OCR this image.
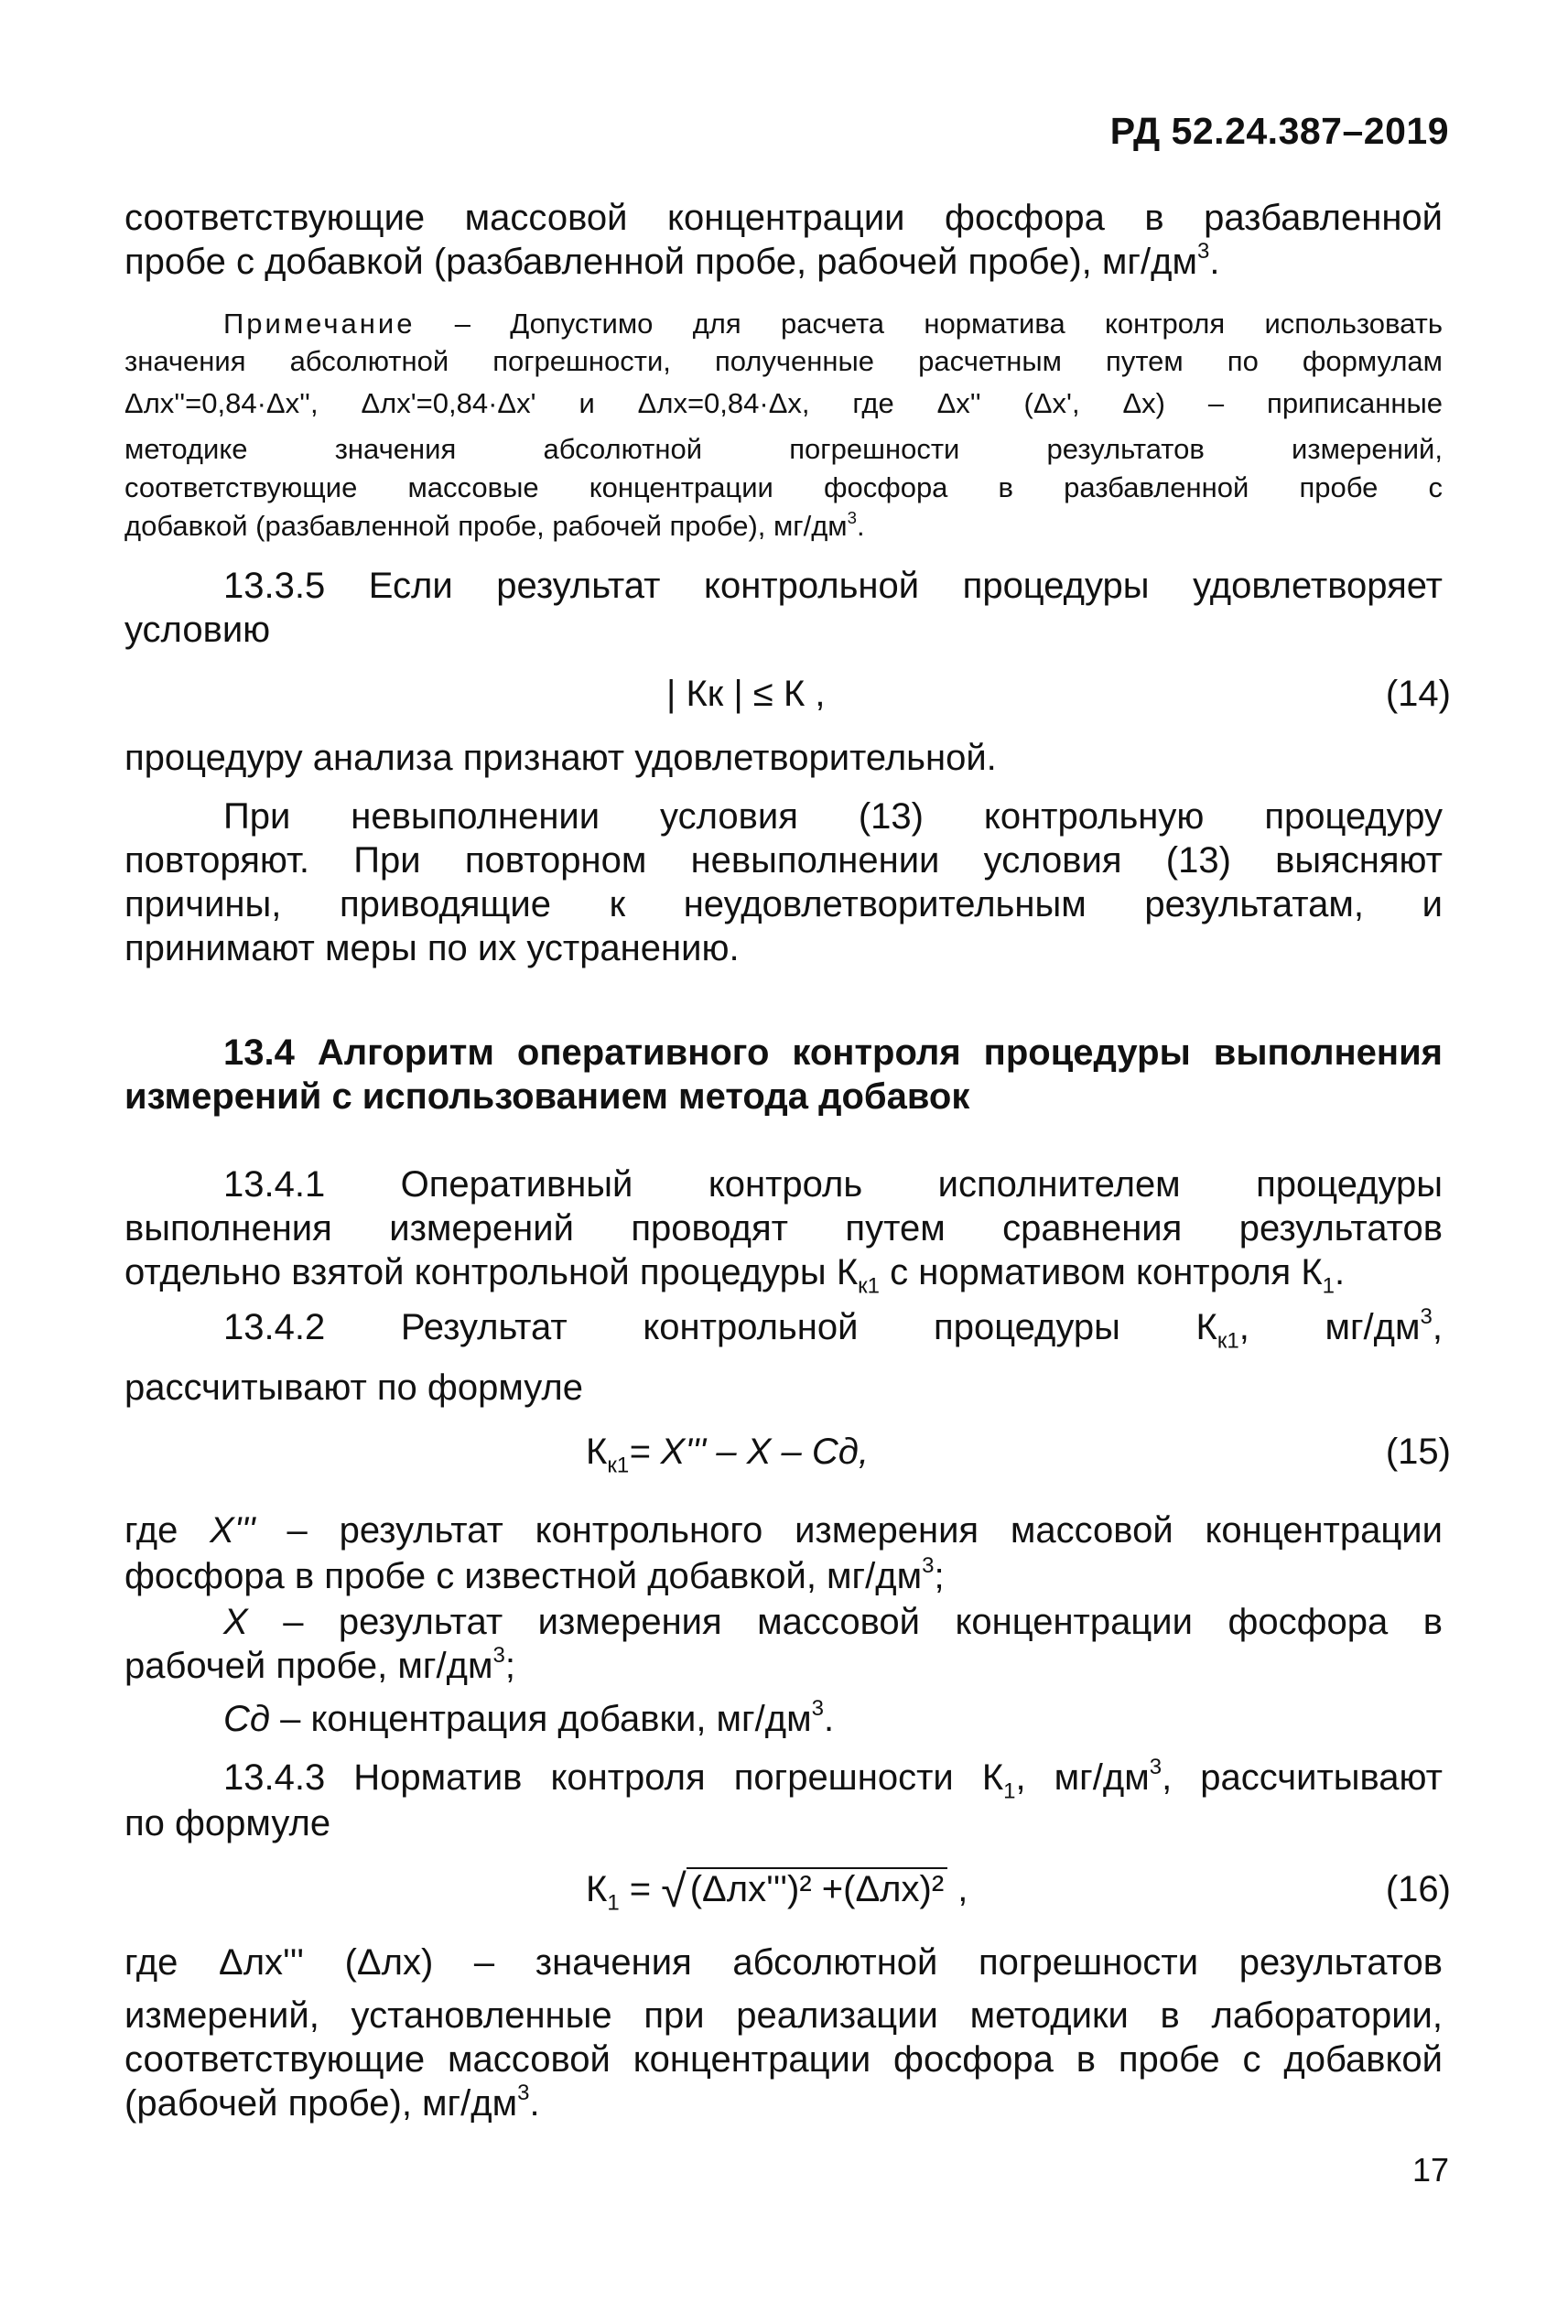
РД 52.24.387–2019

соответствующие массовой концентрации фосфора в разбавленной

пробе с добавкой (разбавленной пробе, рабочей пробе), $мг/дм^3$.

Примечание – Допустимо для расчета норматива контроля использовать

значения абсолютной погрешности, полученные расчетным путем по формулам

Δлх''=0,84·Δх'', Δлх'=0,84·Δх' и Δлх=0,84·Δх, где Δх'' (Δх', Δх) – приписанные

методике значения абсолютной погрешности результатов измерений,

соответствующие массовые концентрации фосфора в разбавленной пробе с

добавкой (разбавленной пробе, рабочей пробе), $мг/дм^3$.

13.3.5 Если результат контрольной процедуры удовлетворяет

условию

| Кк | ≤ К ,	(14)

процедуру анализа признают удовлетворительной.

При невыполнении условия (13) контрольную процедуру

повторяют. При повторном невыполнении условия (13) выясняют

причины, приводящие к неудовлетворительным результатам, и

принимают меры по их устранению.

13.4 Алгоритм оперативного контроля процедуры выполнения
измерений с использованием метода добавок

13.4.1 Оперативный контроль исполнителем процедуры

выполнения измерений проводят путем сравнения результатов

отдельно взятой контрольной процедуры $К_{к1}$ с нормативом контроля $К_1$.

13.4.2 Результат контрольной процедуры $К_{к1}$, $мг/дм^3$,

рассчитывают по формуле

$К_{к1}= X''' - X$ – Cд,	(15)

где X''' – результат контрольного измерения массовой концентрации

фосфора в пробе с известной добавкой, $мг/дм^3$;

X – результат измерения массовой концентрации фосфора в

рабочей пробе, $мг/дм^3$;

Cд – концентрация добавки, $мг/дм^3$.

13.4.3 Норматив контроля погрешности $К_1$, $мг/дм^3$, рассчитывают

по формуле

$К_1$ = √ (Δлх''')² +(Δлх)² ,	(16)

где Δлх''' (Δлх) – значения абсолютной погрешности результатов

измерений, установленные при реализации методики в лаборатории,

соответствующие массовой концентрации фосфора в пробе с добавкой

(рабочей пробе), $мг/дм^3$.

17
